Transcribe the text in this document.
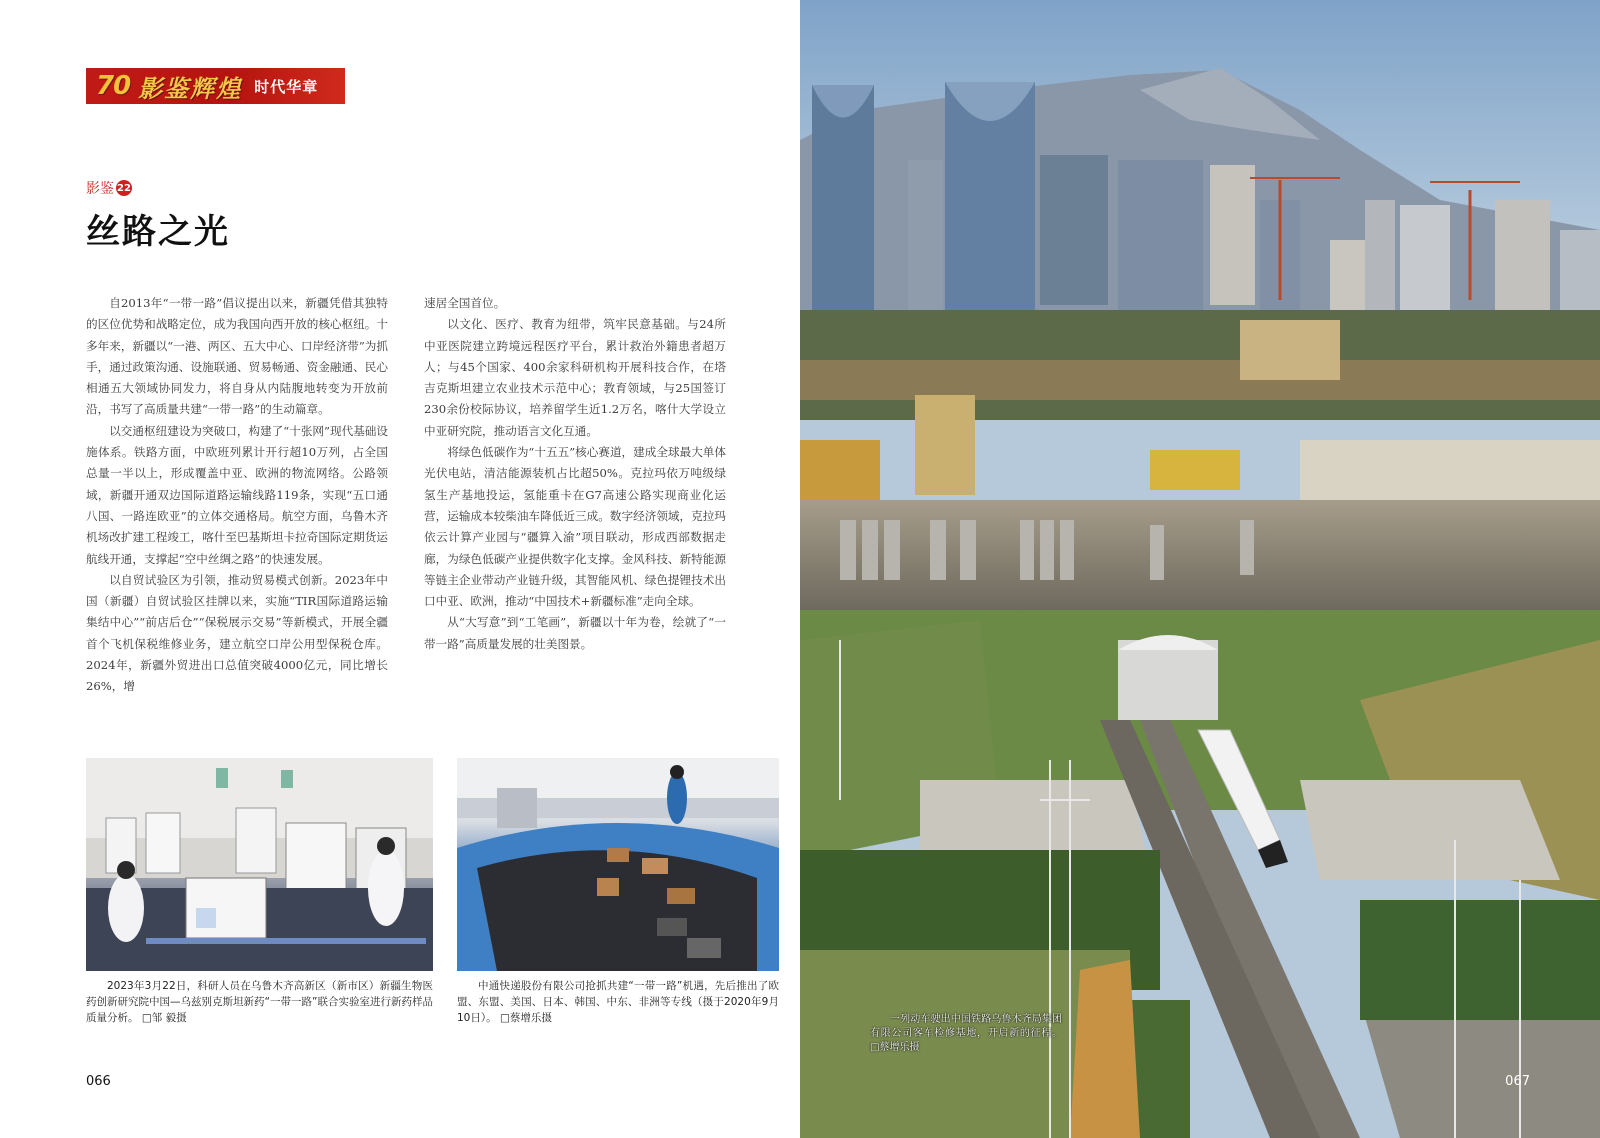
70 影鉴辉煌 时代华章
影鉴 22
丝路之光

自2013年“一带一路”倡议提出以来，新疆凭借其独特的区位优势和战略定位，成为我国向西开放的核心枢纽。十多年来，新疆以“一港、两区、五大中心、口岸经济带”为抓手，通过政策沟通、设施联通、贸易畅通、资金融通、民心相通五大领域协同发力，将自身从内陆腹地转变为开放前沿，书写了高质量共建“一带一路”的生动篇章。

以交通枢纽建设为突破口，构建了“十张网”现代基础设施体系。铁路方面，中欧班列累计开行超10万列，占全国总量一半以上，形成覆盖中亚、欧洲的物流网络。公路领域，新疆开通双边国际道路运输线路119条，实现“五口通八国、一路连欧亚”的立体交通格局。航空方面，乌鲁木齐机场改扩建工程竣工，喀什至巴基斯坦卡拉奇国际定期货运航线开通，支撑起“空中丝绸之路”的快速发展。

以自贸试验区为引领，推动贸易模式创新。2023年中国（新疆）自贸试验区挂牌以来，实施“TIR国际道路运输集结中心”“前店后仓”“保税展示交易”等新模式，开展全疆首个飞机保税维修业务，建立航空口岸公用型保税仓库。2024年，新疆外贸进出口总值突破4000亿元，同比增长26%，增

速居全国首位。

以文化、医疗、教育为纽带，筑牢民意基础。与24所中亚医院建立跨境远程医疗平台，累计救治外籍患者超万人；与45个国家、400余家科研机构开展科技合作，在塔吉克斯坦建立农业技术示范中心；教育领域，与25国签订230余份校际协议，培养留学生近1.2万名，喀什大学设立中亚研究院，推动语言文化互通。

将绿色低碳作为“十五五”核心赛道，建成全球最大单体光伏电站，清洁能源装机占比超50%。克拉玛依万吨级绿氢生产基地投运，氢能重卡在G7高速公路实现商业化运营，运输成本较柴油车降低近三成。数字经济领域，克拉玛依云计算产业园与“疆算入渝”项目联动，形成西部数据走廊，为绿色低碳产业提供数字化支撑。金风科技、新特能源等链主企业带动产业链升级，其智能风机、绿色提锂技术出口中亚、欧洲，推动“中国技术+新疆标准”走向全球。

从“大写意”到“工笔画”，新疆以十年为卷，绘就了“一带一路”高质量发展的壮美图景。

2023年3月22日，科研人员在乌鲁木齐高新区（新市区）新疆生物医药创新研究院中国—乌兹别克斯坦新药“一带一路”联合实验室进行新药样品质量分析。 □邹 毅摄
中通快递股份有限公司抢抓共建“一带一路”机遇，先后推出了欧盟、东盟、美国、日本、韩国、中东、非洲等专线（摄于2020年9月10日）。 □蔡增乐摄
066
一列动车驶出中国铁路乌鲁木齐局集团有限公司客车检修基地，开启新的征程。 □蔡增乐摄
067
